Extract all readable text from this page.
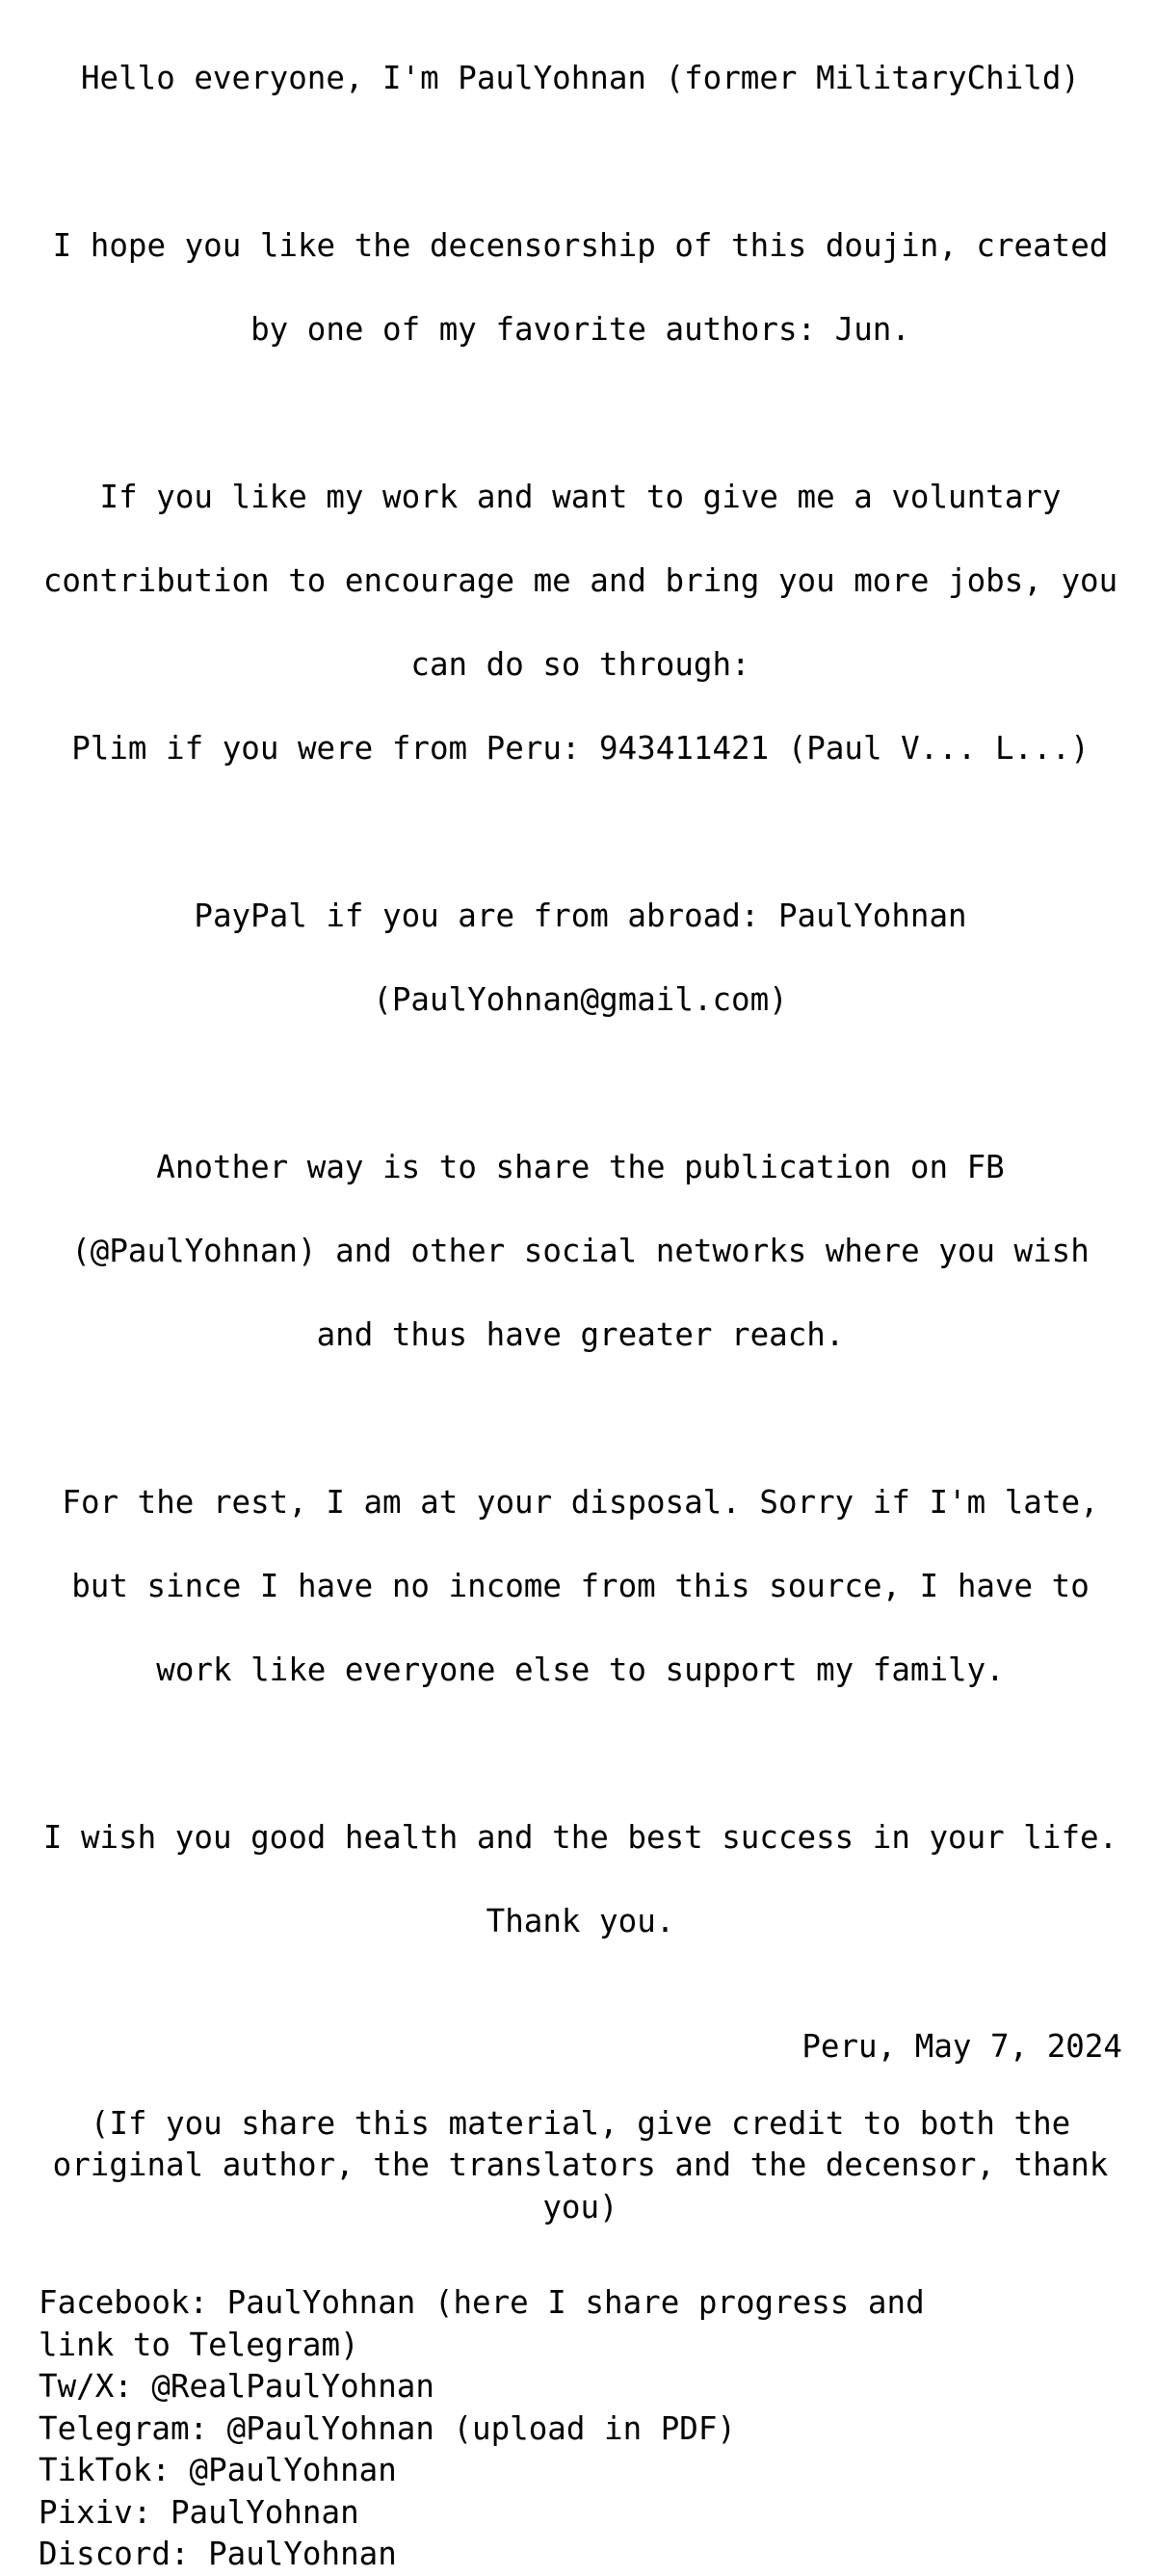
Hello everyone, I'm PaulYohnan (former MilitaryChild)

I hope you like the decensorship of this doujin, created

by one of my favorite authors: Jun.

If you like my work and want to give me a voluntary

contribution to encourage me and bring you more jobs, you

can do so through:

Plim if you were from Peru: 943411421 (Paul V... L...)

PayPal if you are from abroad: PaulYohnan

(PaulYohnan@gmail.com)

Another way is to share the publication on FB

(@PaulYohnan) and other social networks where you wish

and thus have greater reach.

For the rest, I am at your disposal. Sorry if I'm late,

but since I have no income from this source, I have to

work like everyone else to support my family.

I wish you good health and the best success in your life.

Thank you.

Peru, May 7, 2024
(If you share this material, give credit to both the
original author, the translators and the decensor, thank
you)
Facebook: PaulYohnan (here I share progress and
link to Telegram)
Tw/X: @RealPaulYohnan
Telegram: @PaulYohnan (upload in PDF)
TikTok: @PaulYohnan
Pixiv: PaulYohnan
Discord: PaulYohnan
